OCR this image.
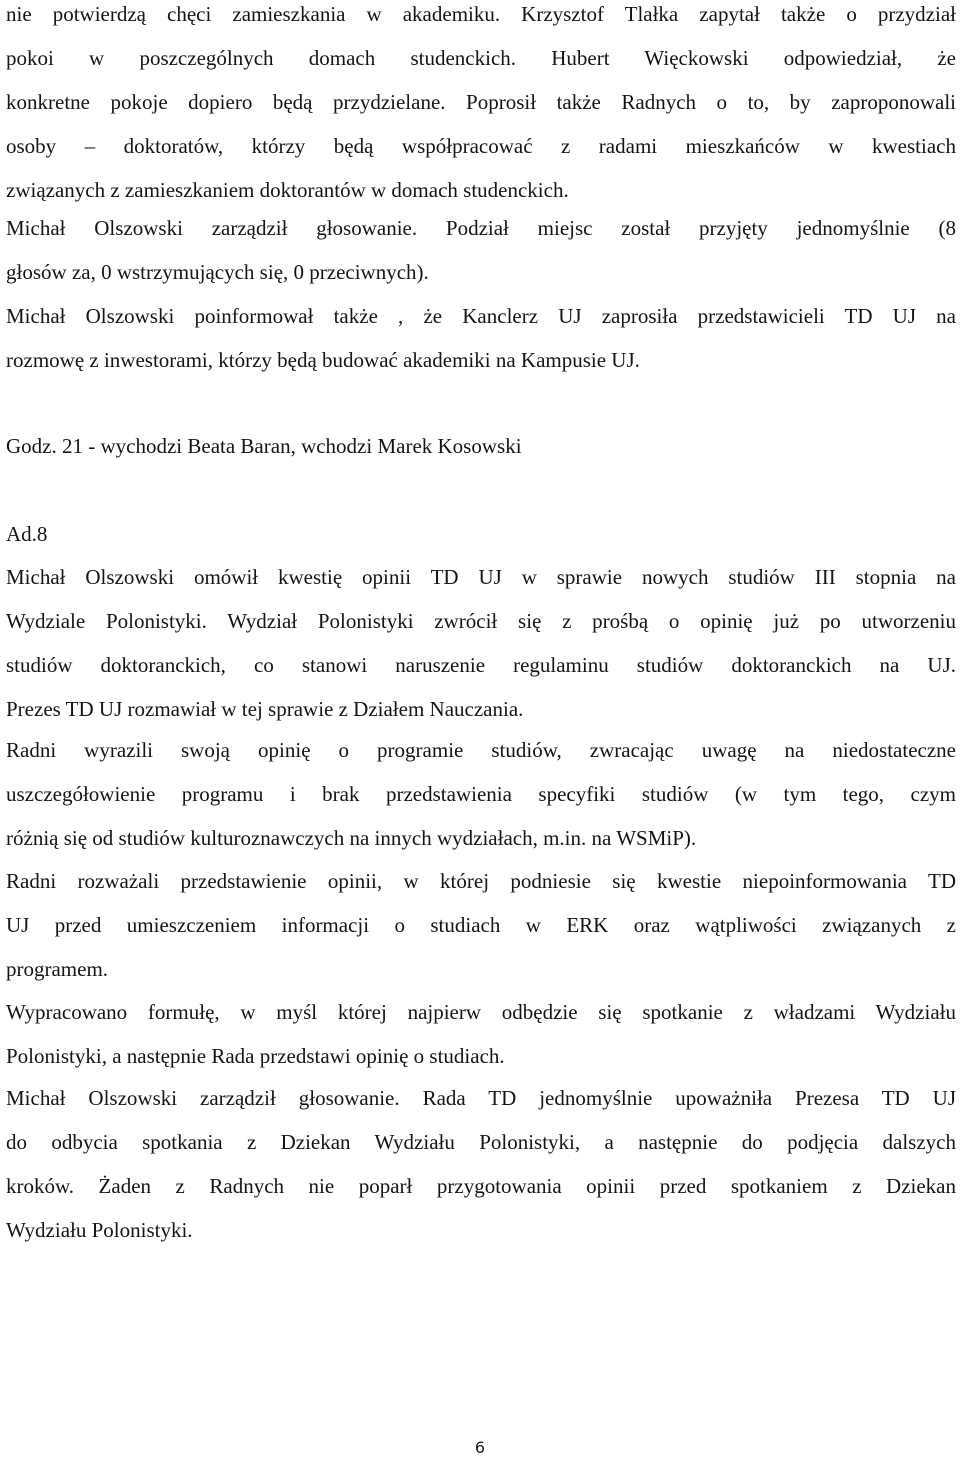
nie potwierdzą chęci zamieszkania w akademiku. Krzysztof Tlałka zapytał także o przydział
pokoi w poszczególnych domach studenckich. Hubert Więckowski odpowiedział, że
konkretne pokoje dopiero będą przydzielane. Poprosił także Radnych o to, by zaproponowali
osoby – doktoratów, którzy będą współpracować z radami mieszkańców w kwestiach
związanych z zamieszkaniem doktorantów w domach studenckich.
Michał Olszowski zarządził głosowanie. Podział miejsc został przyjęty jednomyślnie (8
głosów za, 0 wstrzymujących się, 0 przeciwnych).
Michał Olszowski poinformował także , że Kanclerz UJ zaprosiła przedstawicieli TD UJ na
rozmowę z inwestorami, którzy będą budować akademiki na Kampusie UJ.
Godz. 21 - wychodzi Beata Baran, wchodzi Marek Kosowski
Ad.8
Michał Olszowski omówił kwestię opinii TD UJ w sprawie nowych studiów III stopnia na
Wydziale Polonistyki. Wydział Polonistyki zwrócił się z prośbą o opinię już po utworzeniu
studiów doktoranckich, co stanowi naruszenie regulaminu studiów doktoranckich na UJ.
Prezes TD UJ rozmawiał w tej sprawie z Działem Nauczania.
Radni wyrazili swoją opinię o programie studiów, zwracając uwagę na niedostateczne
uszczegółowienie programu i brak przedstawienia specyfiki studiów (w tym tego, czym
różnią się od studiów kulturoznawczych na innych wydziałach, m.in. na WSMiP).
Radni rozważali przedstawienie opinii, w której podniesie się kwestie niepoinformowania TD
UJ przed umieszczeniem informacji o studiach w ERK oraz wątpliwości związanych z
programem.
Wypracowano formułę, w myśl której najpierw odbędzie się spotkanie z władzami Wydziału
Polonistyki, a następnie Rada przedstawi opinię o studiach.
Michał Olszowski zarządził głosowanie. Rada TD jednomyślnie upoważniła Prezesa TD UJ
do odbycia spotkania z Dziekan Wydziału Polonistyki, a następnie do podjęcia dalszych
kroków. Żaden z Radnych nie poparł przygotowania opinii przed spotkaniem z Dziekan
Wydziału Polonistyki.
6
